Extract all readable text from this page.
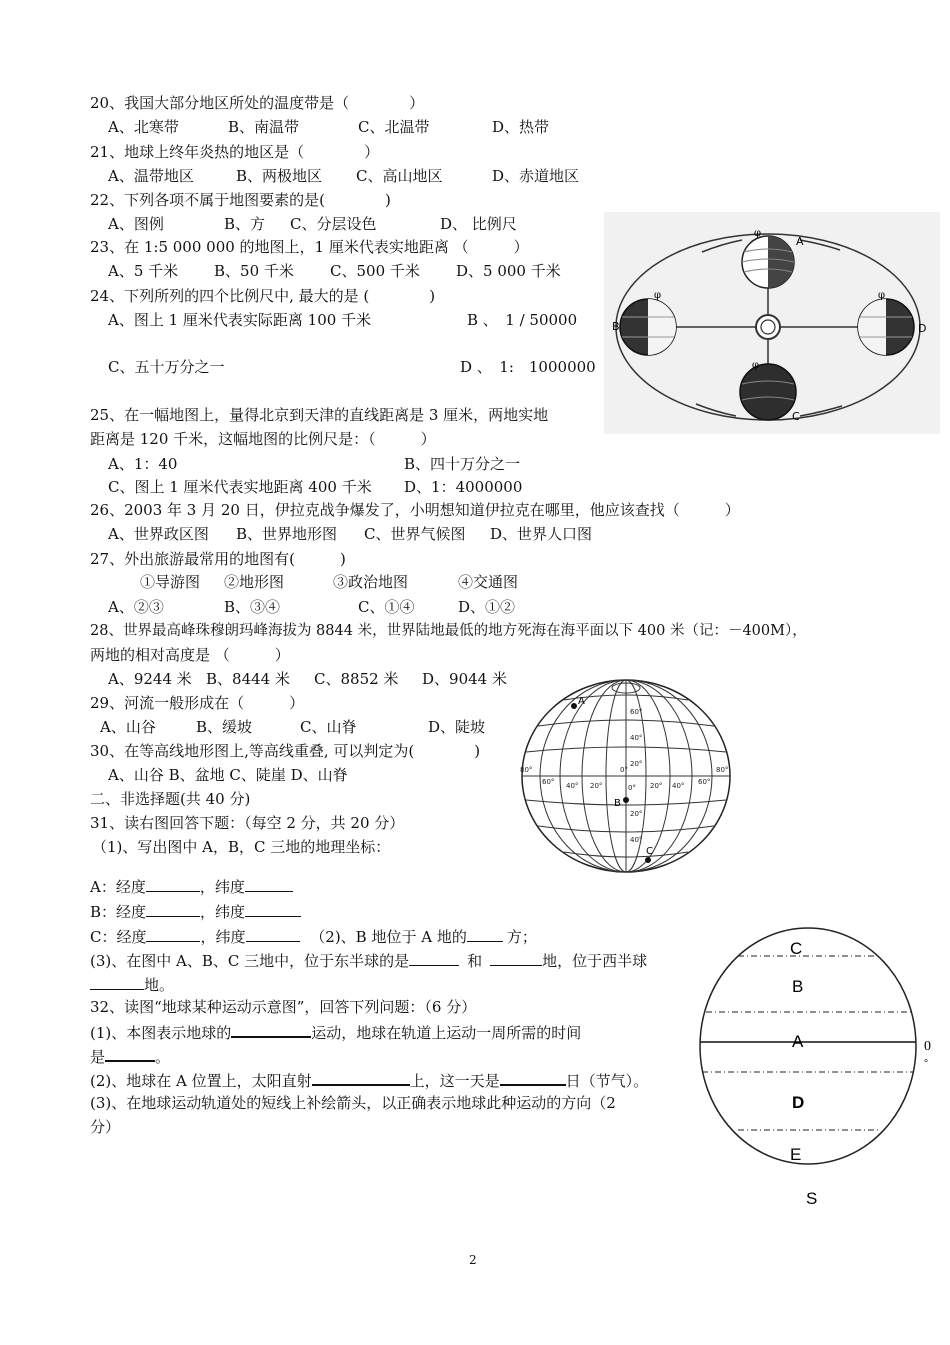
20、我国大部分地区所处的温度带是（　　　　）
A、北寒带	B、南温带	C、北温带	D、热带
21、地球上终年炎热的地区是（　　　　）
A、温带地区	B、两极地区 C、高山地区	D、赤道地区
22、下列各项不属于地图要素的是(　　　　)
A、图例	B、方 C、分层设色	D、 比例尺
23、在 1:5 000 000 的地图上，1 厘米代表实地距离 （　　　）
A、5 千米 B、50 千米 C、500 千米 D、5 000 千米
24、下列所列的四个比例尺中, 最大的是 (　　　　)
A、图上 1 厘米代表实际距离 100 千米	B 、　1 / 50000
C、五十万分之一	D 、　1:　1000000
25、在一幅地图上，量得北京到天津的直线距离是 3 厘米，两地实地
距离是 120 千米，这幅地图的比例尺是：（　　　）
A、1：40	B、四十万分之一
C、图上 1 厘米代表实地距离 400 千米 D、1：4000000
26、2003 年 3 月 20 日，伊拉克战争爆发了，小明想知道伊拉克在哪里，他应该查找（　　　）
A、世界政区图 B、世界地形图 C、世界气候图 D、世界人口图
27、外出旅游最常用的地图有(　　　)
①导游图 ②地形图	③政治地图	④交通图
A、②③	B、③④	C、①④	D、①②
28、世界最高峰珠穆朗玛峰海拔为 8844 米，世界陆地最低的地方死海在海平面以下 400 米（记：－400M），
两地的相对高度是 （　　　）
A、9244 米 B、8444 米 C、8852 米 D、9044 米
29、河流一般形成在（　　　）
A、山谷	B、缓坡	C、山脊	D、陡坡
30、在等高线地形图上,等高线重叠, 可以判定为(　　　　)
A、山谷 B、盆地 C、陡崖 D、山脊
二、非选择题(共 40 分)
31、读右图回答下题：（每空 2 分，共 20 分）
（1)、写出图中 A，B，C 三地的地理坐标：
A：经度	，纬度
B：经度	，纬度
C：经度	，纬度	（2)、B 地位于 A 地的	方；
(3)、在图中 A、B、C 三地中，位于东半球的是	和	地，位于西半球
地。
32、读图“地球某种运动示意图”，回答下列问题：（6 分）
(1)、本图表示地球的	运动，地球在轨道上运动一周所需的时间
是	。
(2)、地球在 A 位置上，太阳直射	上，这一天是	日（节气）。
(3)、在地球运动轨道处的短线上补绘箭头，以正确表示地球此种运动的方向（2
分）
φ
φ
φ
φ
A
B
C
D
60°
40°
20°
0°
20°
40°
80°
60° 40° 20°
0°
20° 40° 60°
80°
A
B
C
C
B
A
D
E
0
°
S
2
